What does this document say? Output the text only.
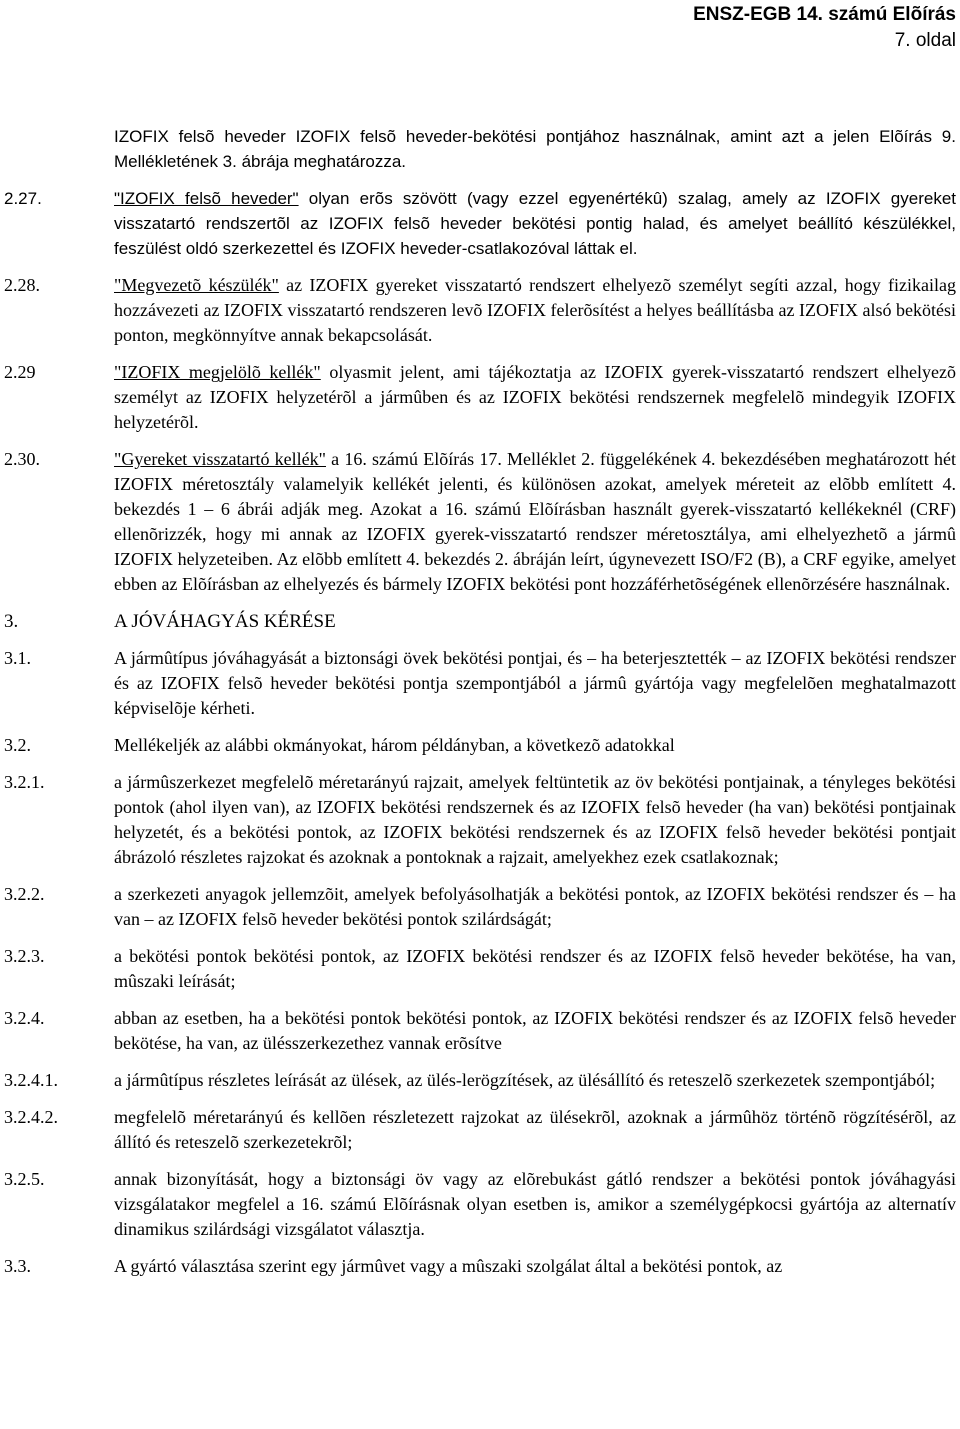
ENSZ-EGB 14. számú Elõírás
7. oldal
IZOFIX felsõ heveder IZOFIX felsõ heveder-bekötési pontjához használnak, amint azt a jelen Elõírás 9. Mellékletének 3. ábrája meghatározza.
2.27.	"IZOFIX felsõ heveder" olyan erõs szövött (vagy ezzel egyenértékû) szalag, amely az IZOFIX gyereket visszatartó rendszertõl az IZOFIX felsõ heveder bekötési pontig halad, és amelyet beállító készülékkel, feszülést oldó szerkezettel és IZOFIX heveder-csatlakozóval láttak el.
2.28.	"Megvezetõ készülék" az IZOFIX gyereket visszatartó rendszert elhelyezõ személyt segíti azzal, hogy fizikailag hozzávezeti az IZOFIX visszatartó rendszeren levõ IZOFIX felerõsítést a helyes beállításba az IZOFIX alsó bekötési ponton, megkönnyítve annak bekapcsolását.
2.29	"IZOFIX megjelölõ kellék" olyasmit jelent, ami tájékoztatja az IZOFIX gyerek-visszatartó rendszert elhelyezõ személyt az IZOFIX helyzetérõl a jármûben és az IZOFIX bekötési rendszernek megfelelõ mindegyik IZOFIX helyzetérõl.
2.30.	"Gyereket visszatartó kellék" a 16. számú Elõírás 17. Melléklet 2. függelékének 4. bekezdésében meghatározott hét IZOFIX méretosztály valamelyik kellékét jelenti, és különösen azokat, amelyek méreteit az elõbb említett 4. bekezdés 1 – 6 ábrái adják meg. Azokat a 16. számú Elõírásban használt gyerek-visszatartó kellékeknél (CRF) ellenõrizzék, hogy mi annak az IZOFIX gyerek-visszatartó rendszer méretosztálya, ami elhelyezhetõ a jármû IZOFIX helyzeteiben. Az elõbb említett 4. bekezdés 2. ábráján leírt, úgynevezett ISO/F2 (B), a CRF egyike, amelyet ebben az Elõírásban az elhelyezés és bármely IZOFIX bekötési pont hozzáférhetõségének ellenõrzésére használnak.
3.	A JÓVÁHAGYÁS KÉRÉSE
3.1.	A jármûtípus jóváhagyását a biztonsági övek bekötési pontjai, és – ha beterjesztették – az IZOFIX bekötési rendszer és az IZOFIX felsõ heveder bekötési pontja szempontjából a jármû gyártója vagy megfelelõen meghatalmazott képviselõje kérheti.
3.2.	Mellékeljék az alábbi okmányokat, három példányban, a következõ adatokkal
3.2.1.	a jármûszerkezet megfelelõ méretarányú rajzait, amelyek feltüntetik az öv bekötési pontjainak, a tényleges bekötési pontok (ahol ilyen van), az IZOFIX bekötési rendszernek és az IZOFIX felsõ heveder (ha van) bekötési pontjainak helyzetét, és a bekötési pontok, az IZOFIX bekötési rendszernek és az IZOFIX felsõ heveder bekötési pontjait ábrázoló részletes rajzokat és azoknak a pontoknak a rajzait, amelyekhez ezek csatlakoznak;
3.2.2.	a szerkezeti anyagok jellemzõit, amelyek befolyásolhatják a bekötési pontok, az IZOFIX bekötési rendszer és – ha van – az IZOFIX felsõ heveder bekötési pontok szilárdságát;
3.2.3.	a bekötési pontok bekötési pontok, az IZOFIX bekötési rendszer és az IZOFIX felsõ heveder bekötése, ha van, mûszaki leírását;
3.2.4.	abban az esetben, ha a bekötési pontok bekötési pontok, az IZOFIX bekötési rendszer és az IZOFIX felsõ heveder bekötése, ha van, az ülésszerkezethez vannak erõsítve
3.2.4.1.	a jármûtípus részletes leírását az ülések, az ülés-lerögzítések, az ülésállító és reteszelõ szerkezetek szempontjából;
3.2.4.2.	megfelelõ méretarányú és kellõen részletezett rajzokat az ülésekrõl, azoknak a jármûhöz történõ rögzítésérõl, az állító és reteszelõ szerkezetekrõl;
3.2.5.	annak bizonyítását, hogy a biztonsági öv vagy az elõrebukást gátló rendszer a bekötési pontok jóváhagyási vizsgálatakor megfelel a 16. számú Elõírásnak olyan esetben is, amikor a személygépkocsi gyártója az alternatív dinamikus szilárdsági vizsgálatot választja.
3.3.	A gyártó választása szerint egy jármûvet vagy a mûszaki szolgálat által a bekötési pontok, az
